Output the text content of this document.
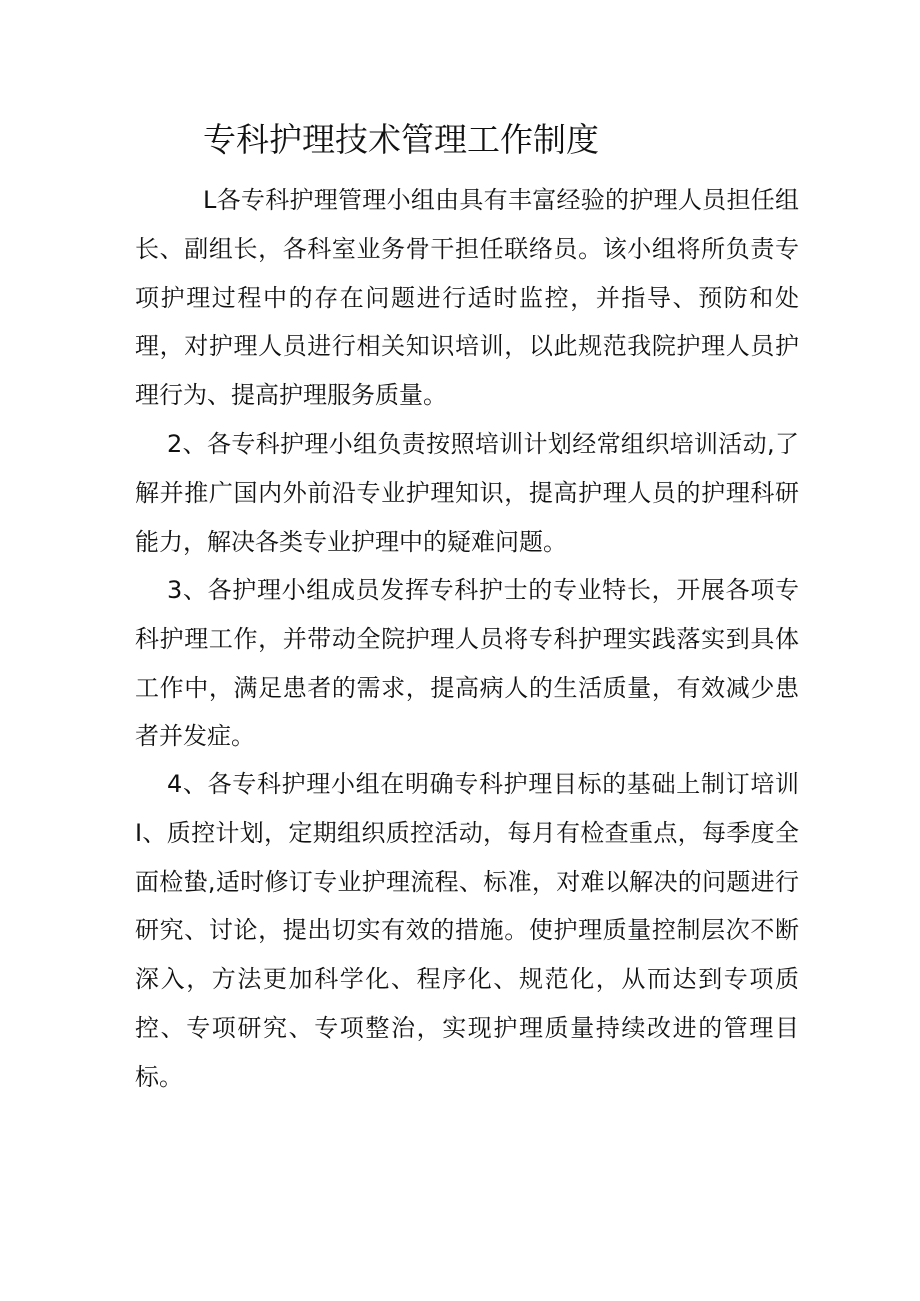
专科护理技术管理工作制度

L各专科护理管理小组由具有丰富经验的护理人员担任组长、副组长，各科室业务骨干担任联络员。该小组将所负责专项护理过程中的存在问题进行适时监控，并指导、预防和处理，对护理人员进行相关知识培训，以此规范我院护理人员护理行为、提高护理服务质量。

2、各专科护理小组负责按照培训计划经常组织培训活动,了解并推广国内外前沿专业护理知识，提高护理人员的护理科研能力，解决各类专业护理中的疑难问题。

3、各护理小组成员发挥专科护士的专业特长，开展各项专科护理工作，并带动全院护理人员将专科护理实践落实到具体工作中，满足患者的需求，提高病人的生活质量，有效减少患者并发症。

4、各专科护理小组在明确专科护理目标的基础上制订培训I、质控计划，定期组织质控活动，每月有检查重点，每季度全面检蛰,适时修订专业护理流程、标准，对难以解决的问题进行研究、讨论，提出切实有效的措施。使护理质量控制层次不断深入，方法更加科学化、程序化、规范化，从而达到专项质控、专项研究、专项整治，实现护理质量持续改进的管理目标。
